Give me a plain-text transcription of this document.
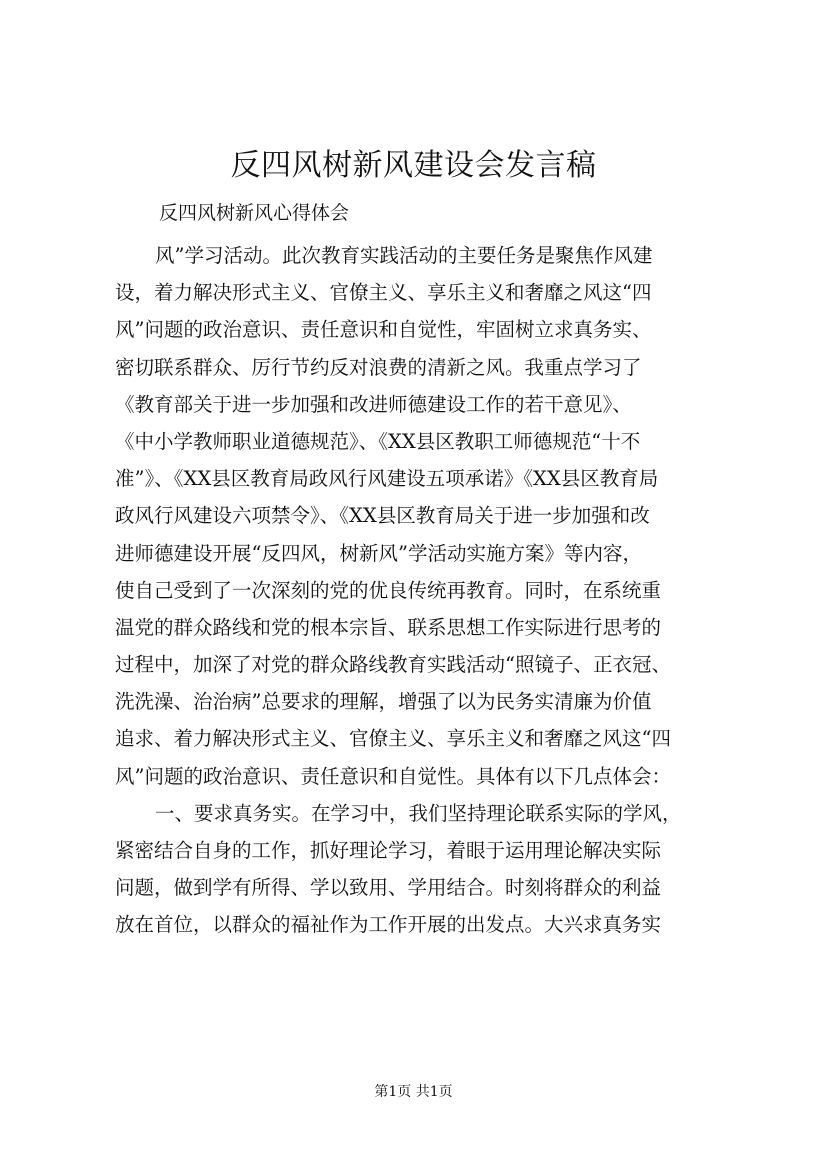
反四风树新风建设会发言稿
反四风树新风心得体会
风”学习活动。此次教育实践活动的主要任务是聚焦作风建
设，着力解决形式主义、官僚主义、享乐主义和奢靡之风这“四
风”问题的政治意识、责任意识和自觉性，牢固树立求真务实、
密切联系群众、厉行节约反对浪费的清新之风。我重点学习了
《教育部关于进一步加强和改进师德建设工作的若干意见》、
《中小学教师职业道德规范》、《XX县区教职工师德规范“十不
准”》、《XX县区教育局政风行风建设五项承诺》《XX县区教育局
政风行风建设六项禁令》、《XX县区教育局关于进一步加强和改
进师德建设开展“反四风，树新风”学活动实施方案》等内容，
使自己受到了一次深刻的党的优良传统再教育。同时，在系统重
温党的群众路线和党的根本宗旨、联系思想工作实际进行思考的
过程中，加深了对党的群众路线教育实践活动“照镜子、正衣冠、
洗洗澡、治治病”总要求的理解，增强了以为民务实清廉为价值
追求、着力解决形式主义、官僚主义、享乐主义和奢靡之风这“四
风”问题的政治意识、责任意识和自觉性。具体有以下几点体会：
一、要求真务实。在学习中，我们坚持理论联系实际的学风，
紧密结合自身的工作，抓好理论学习，着眼于运用理论解决实际
问题，做到学有所得、学以致用、学用结合。时刻将群众的利益
放在首位，以群众的福祉作为工作开展的出发点。大兴求真务实
第1页 共1页
